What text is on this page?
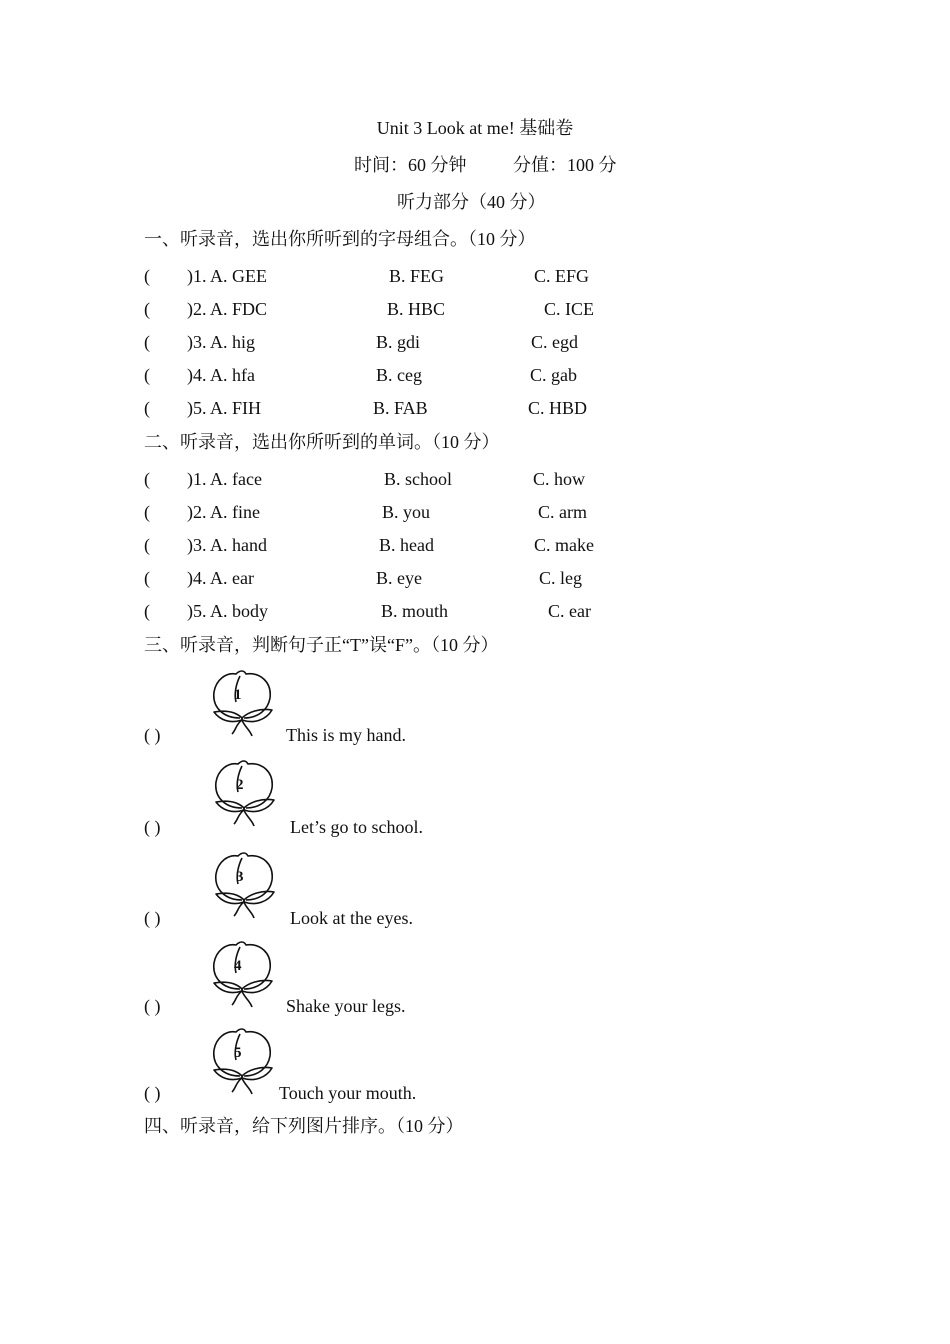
Unit 3 Look at me! 基础卷
时间：60 分钟	分值：100 分
听力部分（40 分）
一、听录音，选出你所听到的字母组合。（10 分）
( )1. A. GEE	B. FEG	C. EFG
( )2. A. FDC	B. HBC	C. ICE
( )3. A. hig	B. gdi	C. egd
( )4. A. hfa	B. ceg	C. gab
( )5. A. FIH	B. FAB	C. HBD
二、听录音，选出你所听到的单词。（10 分）
( )1. A. face	B. school	C. how
( )2. A. fine	B. you	C. arm
( )3. A. hand	B. head	C. make
( )4. A. ear	B. eye	C. leg
( )5. A. body	B. mouth	C. ear
三、听录音，判断句子正“T”误“F”。（10 分）
1
( )	This is my hand.
2
( )	Let’s go to school.
3
( )	Look at the eyes.
4
( )	Shake your legs.
5
( )	Touch your mouth.
四、听录音，给下列图片排序。（10 分）
